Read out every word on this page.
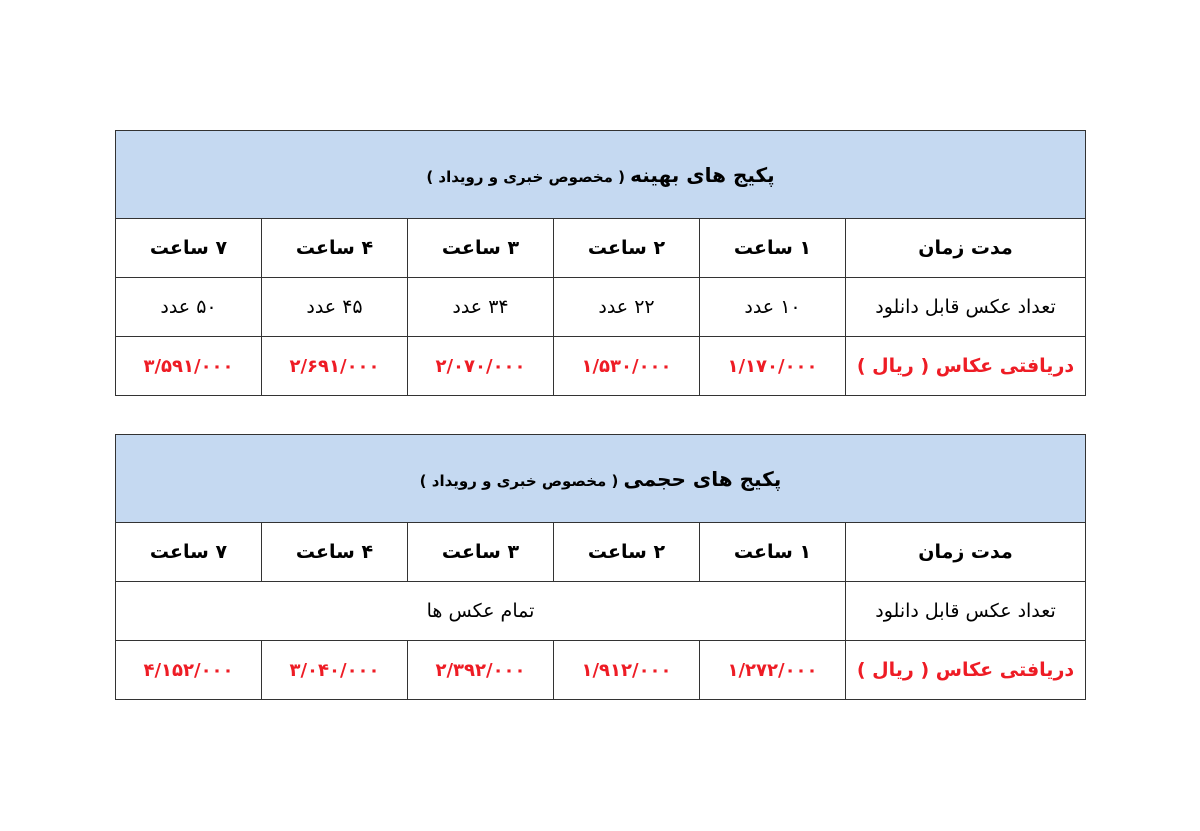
پکیج های بهینه ( مخصوص خبری و رویداد )					
مدت زمان	۱ ساعت	۲ ساعت	۳ ساعت	۴ ساعت	۷ ساعت
تعداد عکس قابل دانلود	۱۰ عدد	۲۲ عدد	۳۴ عدد	۴۵ عدد	۵۰ عدد
دریافتی عکاس ( ریال )	۱/۱۷۰/۰۰۰	۱/۵۳۰/۰۰۰	۲/۰۷۰/۰۰۰	۲/۶۹۱/۰۰۰	۳/۵۹۱/۰۰۰
پکیج های حجمی ( مخصوص خبری و رویداد )					
مدت زمان	۱ ساعت	۲ ساعت	۳ ساعت	۴ ساعت	۷ ساعت
تعداد عکس قابل دانلود	تمام عکس ها				
دریافتی عکاس ( ریال )	۱/۲۷۲/۰۰۰	۱/۹۱۲/۰۰۰	۲/۳۹۲/۰۰۰	۳/۰۴۰/۰۰۰	۴/۱۵۲/۰۰۰
